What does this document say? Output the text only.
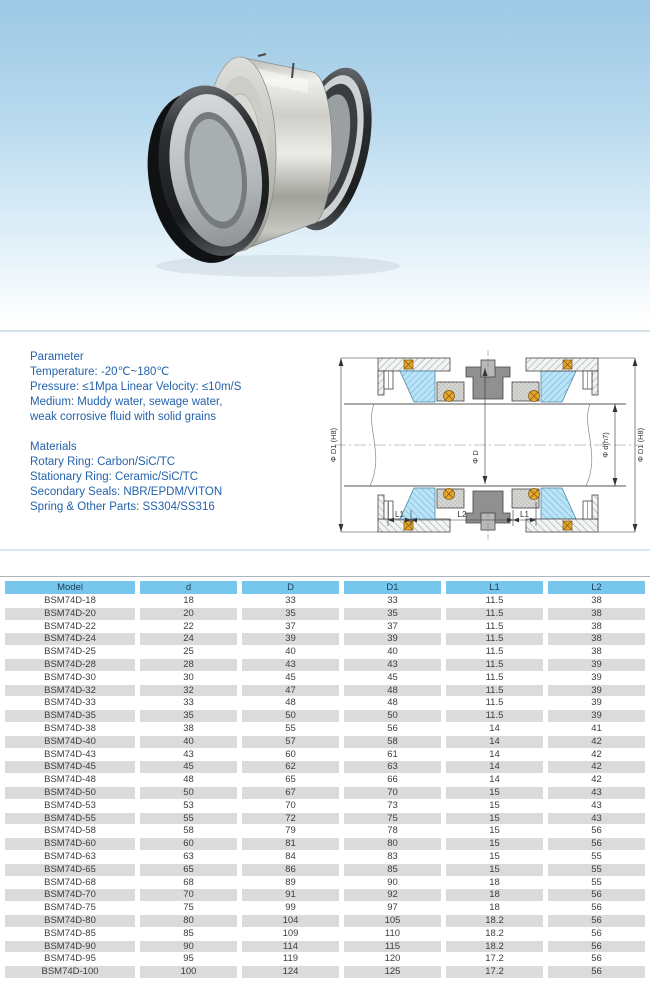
Parameter
Temperature: -20℃~180℃
Pressure: ≤1Mpa Linear Velocity: ≤10m/S
Medium: Muddy water, sewage water,
weak corrosive fluid with solid grains
Materials
Rotary Ring: Carbon/SiC/TC
Stationary Ring: Ceramic/SiC/TC
Secondary Seals: NBR/EPDM/VITON
Spring & Other Parts: SS304/SS316
Φ D1 (H8)	Φ D1 (H8)
Φ d(h7)
Φ D
L1	L2	L1
Model	d	D	D1	L1	L2
BSM74D-18	18	33	33	11.5	38
BSM74D-20	20	35	35	11.5	38
BSM74D-22	22	37	37	11.5	38
BSM74D-24	24	39	39	11.5	38
BSM74D-25	25	40	40	11.5	38
BSM74D-28	28	43	43	11.5	39
BSM74D-30	30	45	45	11.5	39
BSM74D-32	32	47	48	11.5	39
BSM74D-33	33	48	48	11.5	39
BSM74D-35	35	50	50	11.5	39
BSM74D-38	38	55	56	14	41
BSM74D-40	40	57	58	14	42
BSM74D-43	43	60	61	14	42
BSM74D-45	45	62	63	14	42
BSM74D-48	48	65	66	14	42
BSM74D-50	50	67	70	15	43
BSM74D-53	53	70	73	15	43
BSM74D-55	55	72	75	15	43
BSM74D-58	58	79	78	15	56
BSM74D-60	60	81	80	15	56
BSM74D-63	63	84	83	15	55
BSM74D-65	65	86	85	15	55
BSM74D-68	68	89	90	18	55
BSM74D-70	70	91	92	18	56
BSM74D-75	75	99	97	18	56
BSM74D-80	80	104	105	18.2	56
BSM74D-85	85	109	110	18.2	56
BSM74D-90	90	114	115	18.2	56
BSM74D-95	95	119	120	17.2	56
BSM74D-100	100	124	125	17.2	56
